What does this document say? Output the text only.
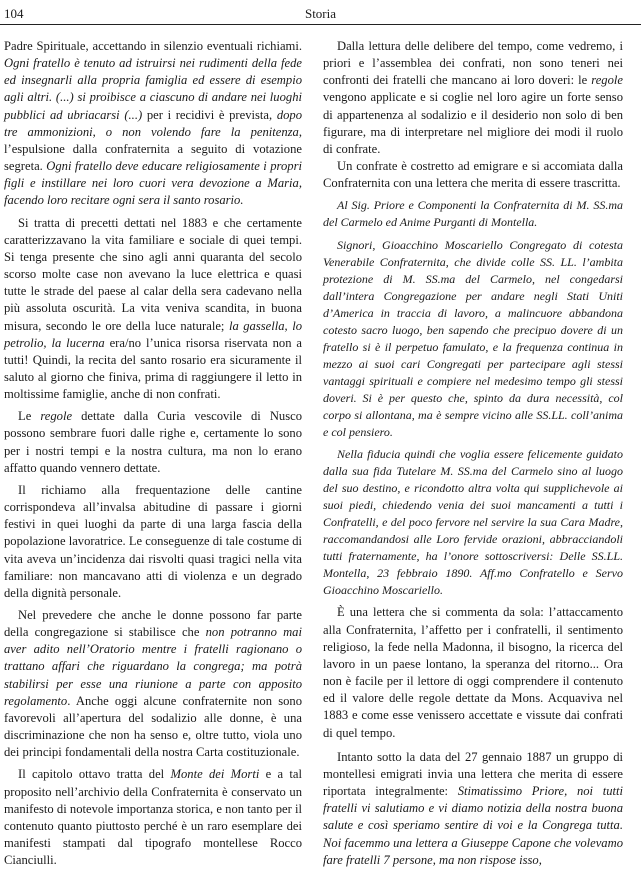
104	Storia

Padre Spirituale, accettando in silenzio eventuali richiami. Ogni fratello è tenuto ad istruirsi nei rudimenti della fede ed insegnarli alla propria famiglia ed essere di esempio agli altri. (...) si proibisce a ciascuno di andare nei luoghi pubblici ad ubriacarsi (...) per i recidivi è prevista, dopo tre ammonizioni, o non volendo fare la penitenza, l’espulsione dalla confraternita a seguito di votazione segreta. Ogni fratello deve educare religiosamente i propri figli e instillare nei loro cuori vera devozione a Maria, facendo loro recitare ogni sera il santo rosario.

Si tratta di precetti dettati nel 1883 e che certamente caratterizzavano la vita familiare e sociale di quei tempi. Si tenga presente che sino agli anni quaranta del secolo scorso molte case non avevano la luce elettrica e quasi tutte le strade del paese al calar della sera cadevano nella più assoluta oscurità. La vita veniva scandita, in buona misura, secondo le ore della luce naturale; la gassella, lo petrolio, la lucerna era/no l’unica risorsa riservata non a tutti! Quindi, la recita del santo rosario era sicuramente il saluto al giorno che finiva, prima di raggiungere il letto in moltissime famiglie, anche di non confrati.

Le regole dettate dalla Curia vescovile di Nusco possono sembrare fuori dalle righe e, certamente lo sono per i nostri tempi e la nostra cultura, ma non lo erano affatto quando vennero dettate.

Il richiamo alla frequentazione delle cantine corrispondeva all’invalsa abitudine di passare i giorni festivi in quei luoghi da parte di una larga fascia della popolazione lavoratrice. Le conseguenze di tale costume di vita aveva un’incidenza dai risvolti quasi tragici nella vita familiare: non mancavano atti di violenza e un degrado della dignità personale.

Nel prevedere che anche le donne possono far parte della congregazione si stabilisce che non potranno mai aver adito nell’Oratorio mentre i fratelli ragionano o trattano affari che riguardano la congrega; ma potrà stabilirsi per esse una riunione a parte con apposito regolamento. Anche oggi alcune confraternite non sono favorevoli all’apertura del sodalizio alle donne, è una discriminazione che non ha senso e, oltre tutto, viola uno dei principi fondamentali della nostra Carta costituzionale.

Il capitolo ottavo tratta del Monte dei Morti e a tal proposito nell’archivio della Confraternita è conservato un manifesto di notevole importanza storica, e non tanto per il contenuto quanto piuttosto perché è un raro esemplare dei manifesti stampati dal tipografo montellese Rocco Cianciulli.

Dalla lettura delle delibere del tempo, come vedremo, i priori e l’assemblea dei confrati, non sono teneri nei confronti dei fratelli che mancano ai loro doveri: le regole vengono applicate e si coglie nel loro agire un forte senso di appartenenza al sodalizio e il desiderio non solo di ben figurare, ma di interpretare nel migliore dei modi il ruolo di confrate.

Un confrate è costretto ad emigrare e si accomiata dalla Confraternita con una lettera che merita di essere trascritta.

Al Sig. Priore e Componenti la Confraternita di M. SS.ma del Carmelo ed Anime Purganti di Montella.

Signori, Gioacchino Moscariello Congregato di cotesta Venerabile Confraternita, che divide colle SS. LL. l’ambita protezione di M. SS.ma del Carmelo, nel congedarsi dall’intera Congregazione per andare negli Stati Uniti d’America in traccia di lavoro, a malincuore abbandona cotesto sacro luogo, ben sapendo che precipuo dovere di un fratello si è il perpetuo famulato, e la frequenza continua in mezzo ai suoi cari Congregati per partecipare agli stessi vantaggi spirituali e compiere nel medesimo tempo gli stessi doveri. Si è per questo che, spinto da dura necessità, col corpo si allontana, ma è sempre vicino alle SS.LL. coll’anima e col pensiero.

Nella fiducia quindi che voglia essere felicemente guidato dalla sua fida Tutelare M. SS.ma del Carmelo sino al luogo del suo destino, e ricondotto altra volta qui supplichevole ai suoi piedi, chiedendo venia dei suoi mancamenti a tutti i Confratelli, e del poco fervore nel servire la sua Cara Madre, raccomandandosi alle Loro fervide orazioni, abbracciandoli tutti fraternamente, ha l’onore sottoscriversi: Delle SS.LL. Montella, 23 febbraio 1890. Aff.mo Confratello e Servo Gioacchino Moscariello.

È una lettera che si commenta da sola: l’attaccamento alla Confraternita, l’affetto per i confratelli, il sentimento religioso, la fede nella Madonna, il bisogno, la ricerca del lavoro in un paese lontano, la speranza del ritorno... Ora non è facile per il lettore di oggi comprendere il contenuto ed il valore delle regole dettate da Mons. Acquaviva nel 1883 e come esse venissero accettate e vissute dai confrati di quel tempo.

Intanto sotto la data del 27 gennaio 1887 un gruppo di montellesi emigrati invia una lettera che merita di essere riportata integralmente: Stimatissimo Priore, noi tutti fratelli vi salutiamo e vi diamo notizia della nostra buona salute e così speriamo sentire di voi e la Congrega tutta. Noi facemmo una lettera a Giuseppe Capone che volevamo fare fratelli 7 persone, ma non rispose isso,
